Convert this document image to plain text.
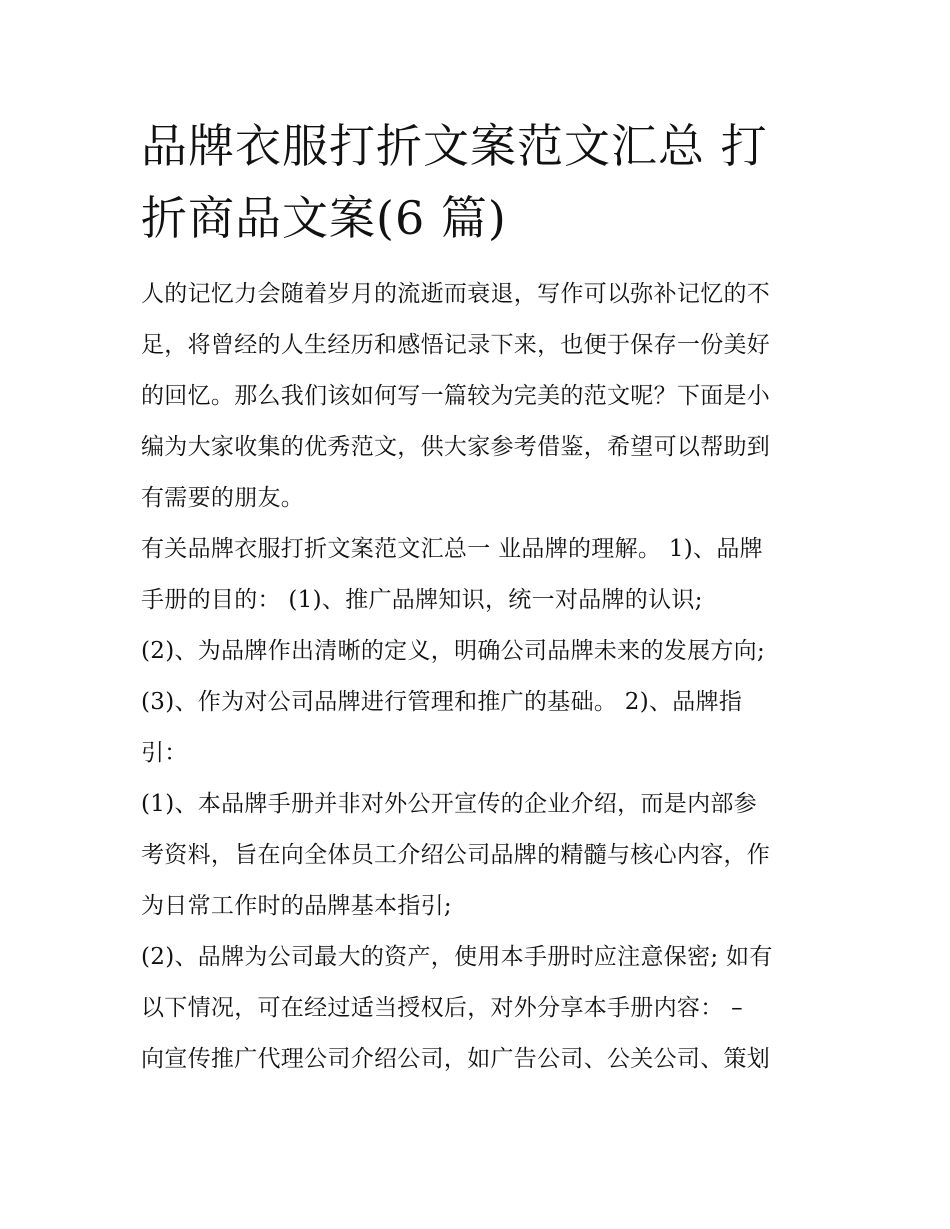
品牌衣服打折文案范文汇总 打
折商品文案(6 篇)
人的记忆力会随着岁月的流逝而衰退，写作可以弥补记忆的不
足，将曾经的人生经历和感悟记录下来，也便于保存一份美好
的回忆。那么我们该如何写一篇较为完美的范文呢？下面是小
编为大家收集的优秀范文，供大家参考借鉴，希望可以帮助到
有需要的朋友。
有关品牌衣服打折文案范文汇总一 业品牌的理解。 1)、品牌
手册的目的： (1)、推广品牌知识，统一对品牌的认识;
(2)、为品牌作出清晰的定义，明确公司品牌未来的发展方向;
(3)、作为对公司品牌进行管理和推广的基础。 2)、品牌指
引：
(1)、本品牌手册并非对外公开宣传的企业介绍，而是内部参
考资料，旨在向全体员工介绍公司品牌的精髓与核心内容，作
为日常工作时的品牌基本指引;
(2)、品牌为公司最大的资产，使用本手册时应注意保密; 如有
以下情况，可在经过适当授权后，对外分享本手册内容： –
向宣传推广代理公司介绍公司，如广告公司、公关公司、策划
